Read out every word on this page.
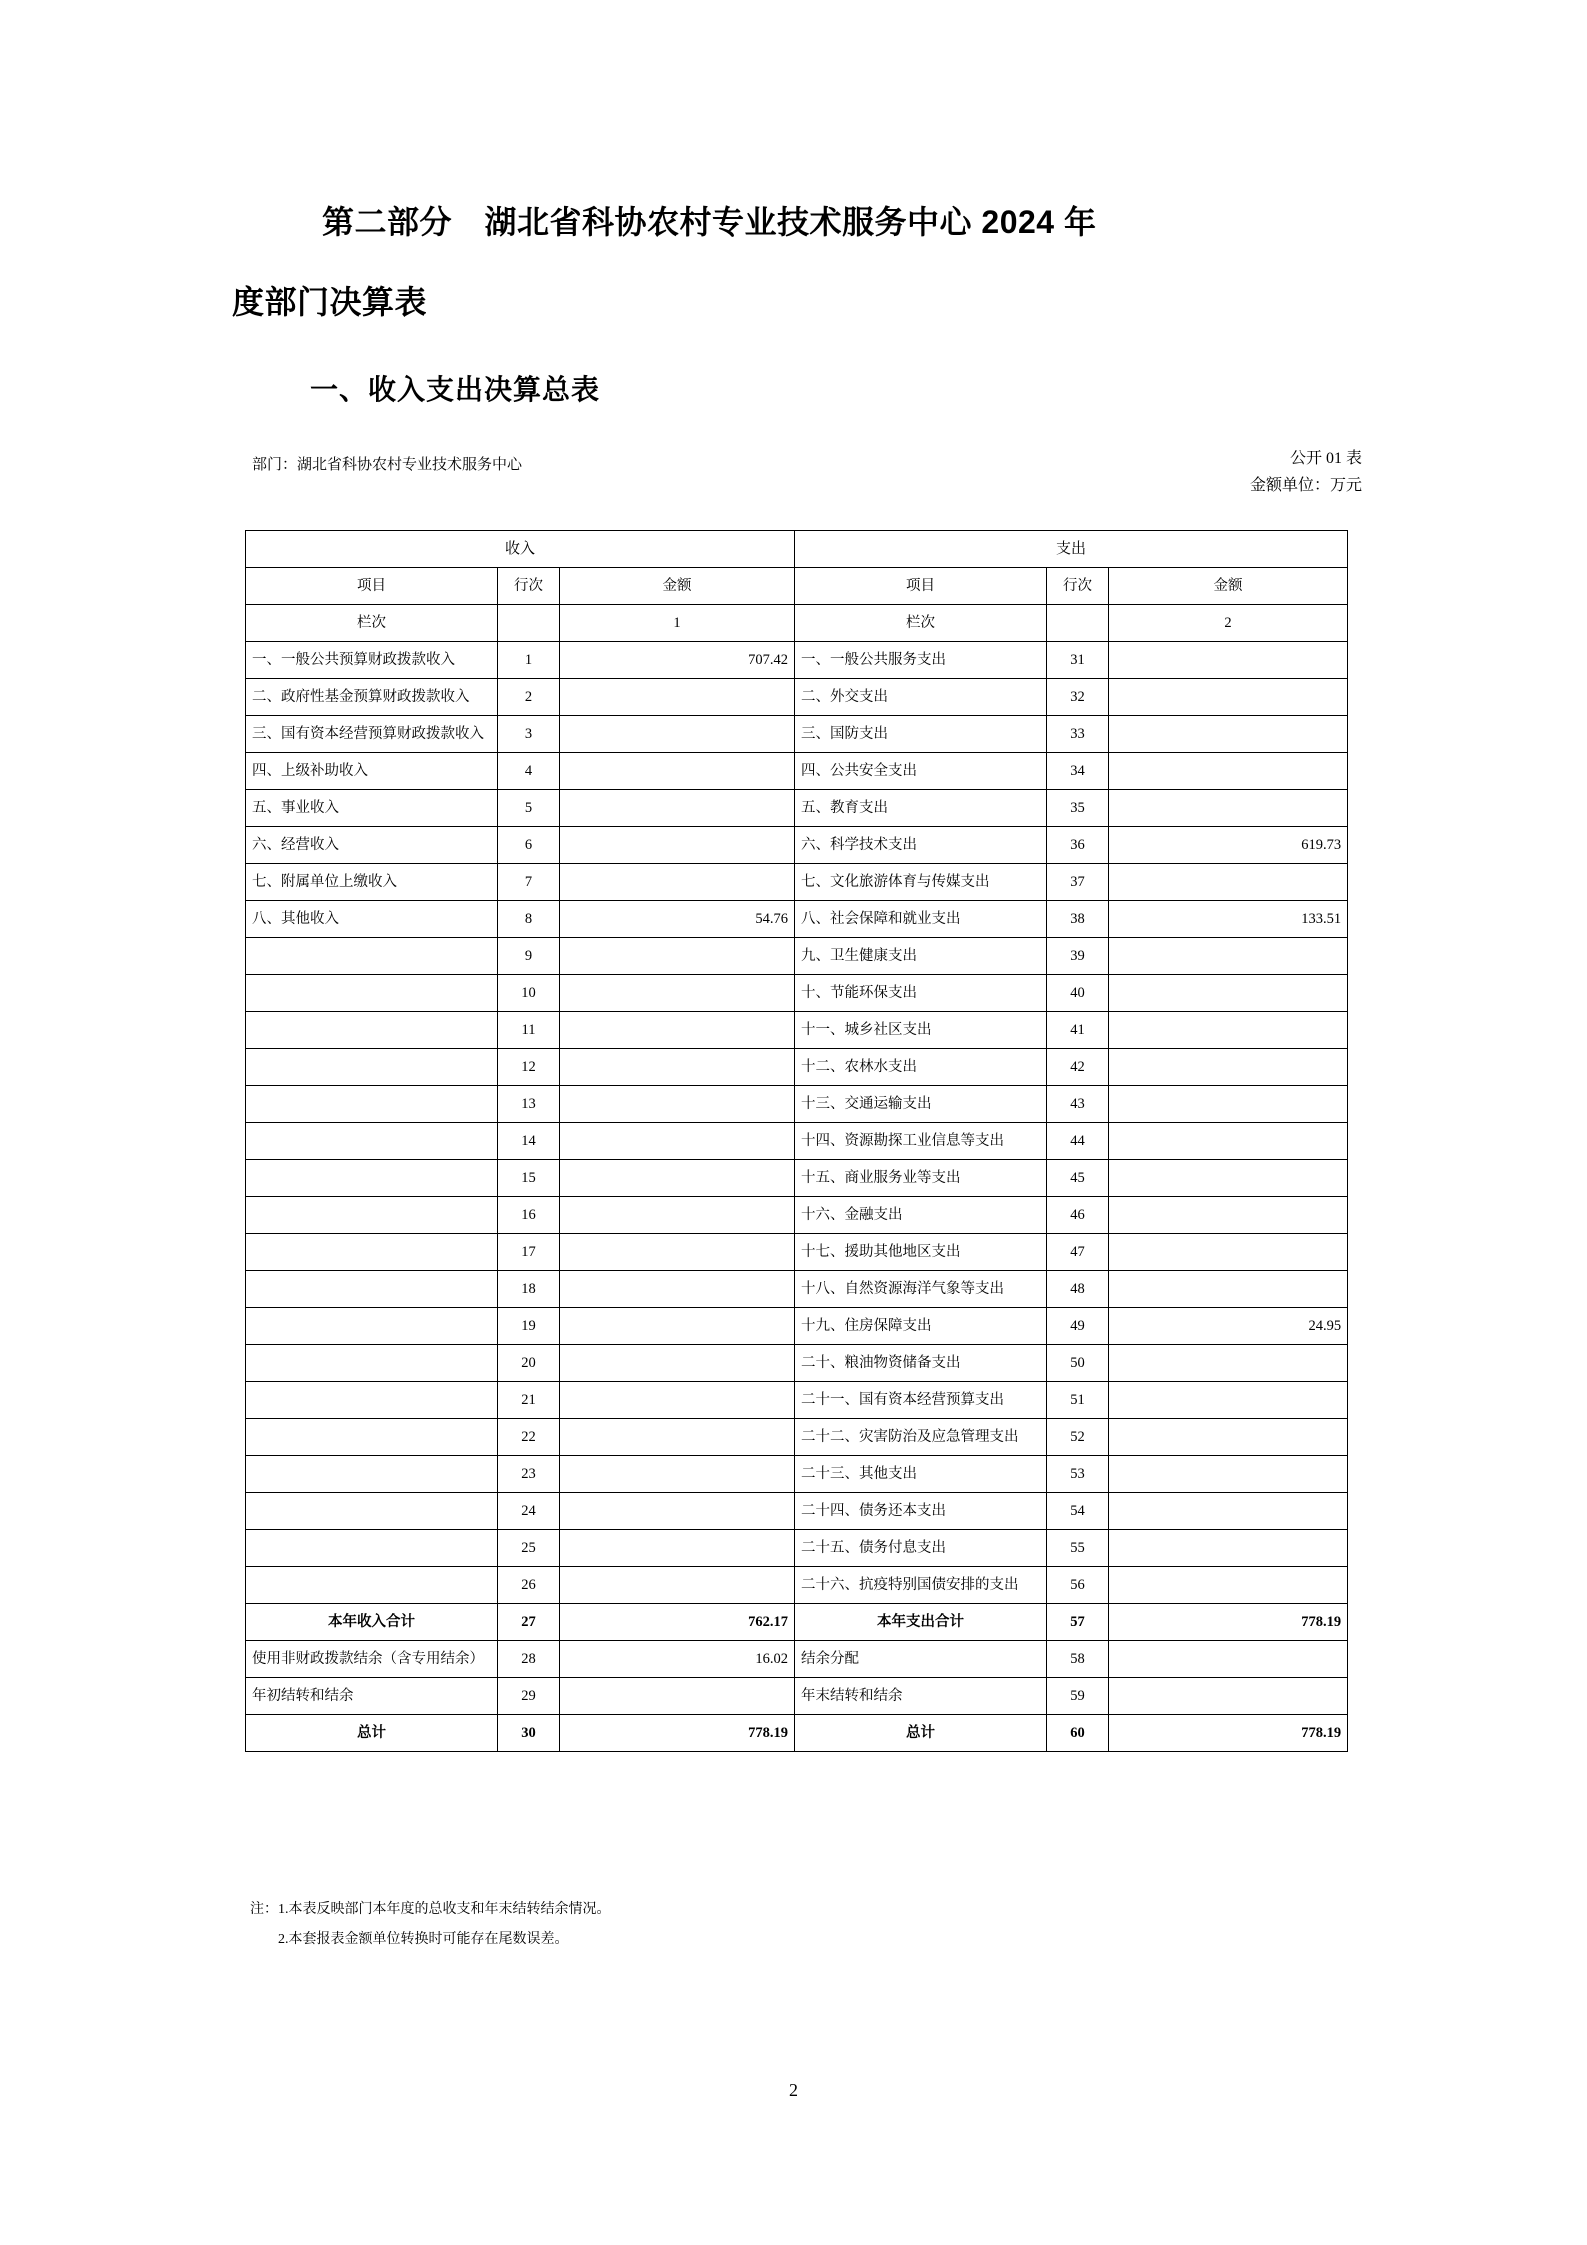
第二部分　湖北省科协农村专业技术服务中心 2024 年
度部门决算表
一、收入支出决算总表
部门：湖北省科协农村专业技术服务中心	公开 01 表
金额单位：万元
收入			支出		
项目	行次	金额	项目	行次	金额
栏次		1	栏次		2
一、一般公共预算财政拨款收入	1	707.42	一、一般公共服务支出	31	
二、政府性基金预算财政拨款收入	2		二、外交支出	32	
三、国有资本经营预算财政拨款收入	3		三、国防支出	33	
四、上级补助收入	4		四、公共安全支出	34	
五、事业收入	5		五、教育支出	35	
六、经营收入	6		六、科学技术支出	36	619.73
七、附属单位上缴收入	7		七、文化旅游体育与传媒支出	37	
八、其他收入	8	54.76	八、社会保障和就业支出	38	133.51
	9		九、卫生健康支出	39	
	10		十、节能环保支出	40	
	11		十一、城乡社区支出	41	
	12		十二、农林水支出	42	
	13		十三、交通运输支出	43	
	14		十四、资源勘探工业信息等支出	44	
	15		十五、商业服务业等支出	45	
	16		十六、金融支出	46	
	17		十七、援助其他地区支出	47	
	18		十八、自然资源海洋气象等支出	48	
	19		十九、住房保障支出	49	24.95
	20		二十、粮油物资储备支出	50	
	21		二十一、国有资本经营预算支出	51	
	22		二十二、灾害防治及应急管理支出	52	
	23		二十三、其他支出	53	
	24		二十四、债务还本支出	54	
	25		二十五、债务付息支出	55	
	26		二十六、抗疫特别国债安排的支出	56	
本年收入合计	27	762.17	本年支出合计	57	778.19
使用非财政拨款结余（含专用结余）	28	16.02	结余分配	58	
年初结转和结余	29		年末结转和结余	59	
总计	30	778.19	总计	60	778.19
注：1.本表反映部门本年度的总收支和年末结转结余情况。
2.本套报表金额单位转换时可能存在尾数误差。
2
